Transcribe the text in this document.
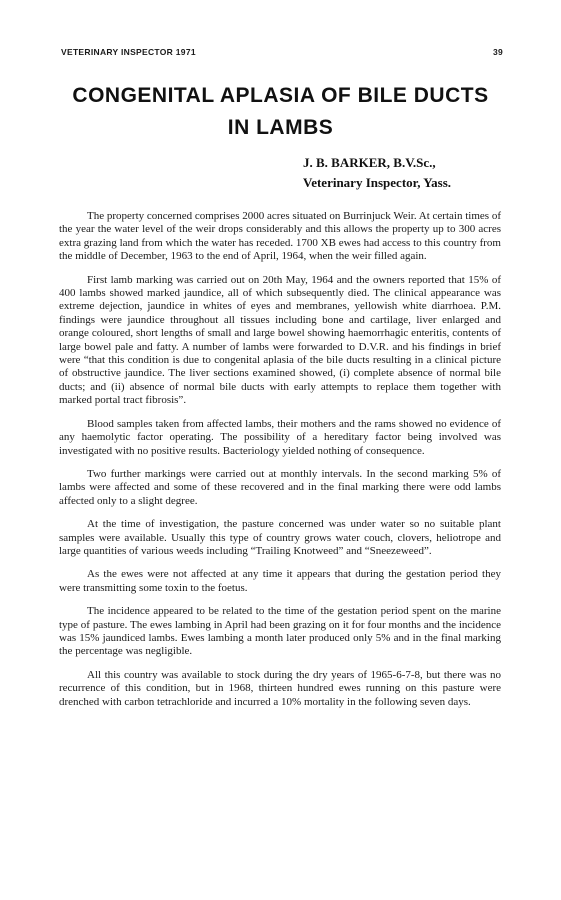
VETERINARY INSPECTOR 1971	39
CONGENITAL APLASIA OF BILE DUCTS
IN LAMBS
J. B. BARKER, B.V.Sc.,
Veterinary Inspector, Yass.

The property concerned comprises 2000 acres situated on Burrinjuck Weir. At certain times of the year the water level of the weir drops considerably and this allows the property up to 300 acres extra grazing land from which the water has receded. 1700 XB ewes had access to this country from the middle of December, 1963 to the end of April, 1964, when the weir filled again.

First lamb marking was carried out on 20th May, 1964 and the owners reported that 15% of 400 lambs showed marked jaundice, all of which subsequently died. The clinical appearance was extreme dejection, jaundice in whites of eyes and membranes, yellowish white diarrhoea. P.M. findings were jaundice throughout all tissues including bone and cartilage, liver enlarged and orange coloured, short lengths of small and large bowel showing haemorrhagic enteritis, contents of large bowel pale and fatty. A number of lambs were forwarded to D.V.R. and his findings in brief were “that this condition is due to congenital aplasia of the bile ducts resulting in a clinical picture of obstructive jaundice. The liver sections examined showed, (i) complete absence of normal bile ducts; and (ii) absence of normal bile ducts with early attempts to replace them together with marked portal tract fibrosis”.

Blood samples taken from affected lambs, their mothers and the rams showed no evidence of any haemolytic factor operating. The possibility of a hereditary factor being involved was investigated with no positive results. Bacteriology yielded nothing of consequence.

Two further markings were carried out at monthly intervals. In the second marking 5% of lambs were affected and some of these recovered and in the final marking there were odd lambs affected only to a slight degree.

At the time of investigation, the pasture concerned was under water so no suitable plant samples were available. Usually this type of country grows water couch, clovers, heliotrope and large quantities of various weeds including “Trailing Knotweed” and “Sneezeweed”.

As the ewes were not affected at any time it appears that during the gestation period they were transmitting some toxin to the foetus.

The incidence appeared to be related to the time of the gestation period spent on the marine type of pasture. The ewes lambing in April had been grazing on it for four months and the incidence was 15% jaundiced lambs. Ewes lambing a month later produced only 5% and in the final marking the percentage was negligible.

All this country was available to stock during the dry years of 1965-6-7-8, but there was no recurrence of this condition, but in 1968, thirteen hundred ewes running on this pasture were drenched with carbon tetrachloride and incurred a 10% mortality in the following seven days.
